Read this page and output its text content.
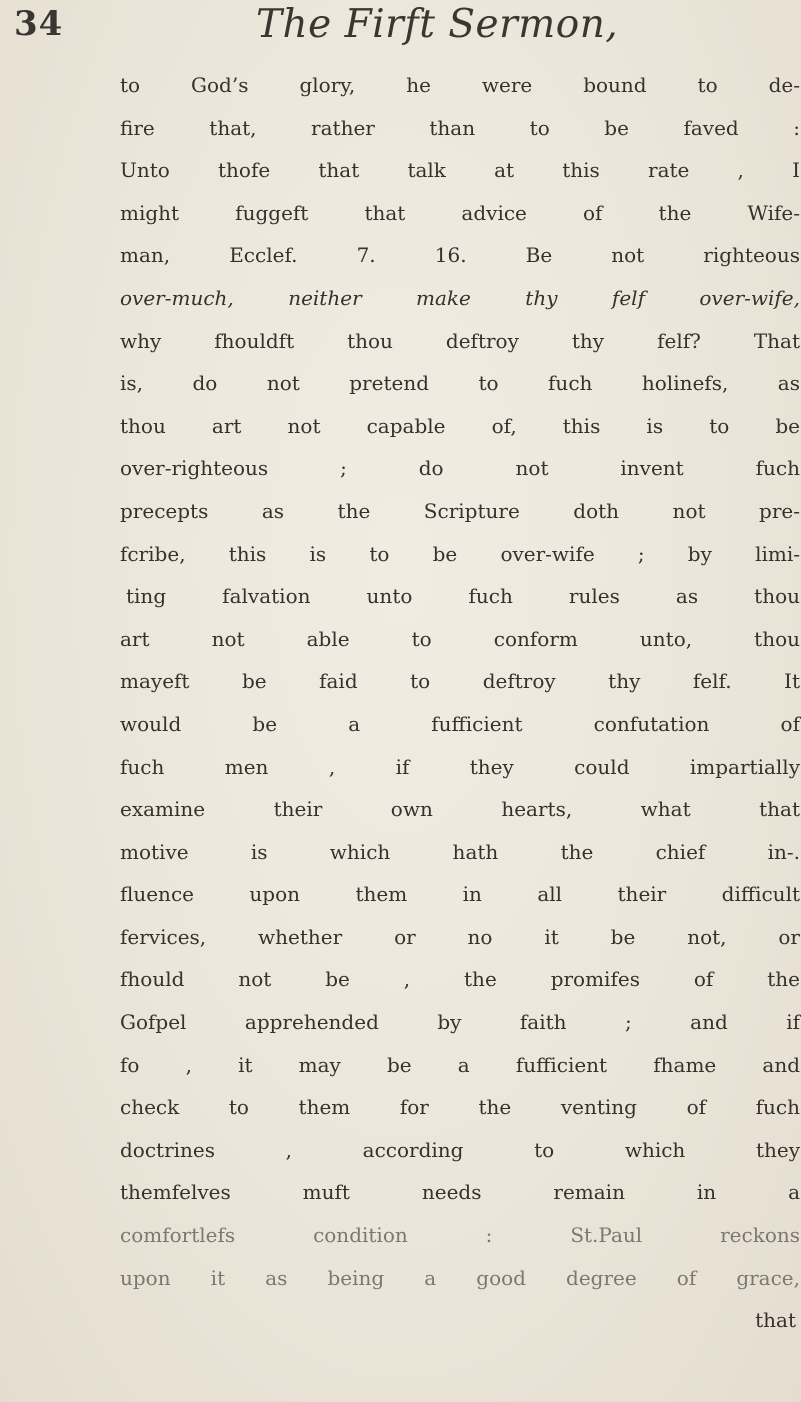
34	The Firft Sermon,
to God’s glory, he were bound to de-
fire that, rather than to be faved :
Unto thofe that talk at this rate , I
might fuggeft that advice of the Wife-
man, Ecclef. 7. 16. Be not righteous
over-much, neither make thy felf over-wife,
why fhouldft thou deftroy thy felf? That
is, do not pretend to fuch holinefs, as
thou art not capable of, this is to be
over-righteous ; do not invent fuch
precepts as the Scripture doth not pre-
fcribe, this is to be over-wife ; by limi-
ting falvation unto fuch rules as thou
art not able to conform unto, thou
mayeft be faid to deftroy thy felf. It
would be a fufficient confutation of
fuch men , if they could impartially
examine their own hearts, what that
motive is which hath the chief in-.
fluence upon them in all their difficult
fervices, whether or no it be not, or
fhould not be , the promifes of the
Gofpel apprehended by faith ; and if
fo , it may be a fufficient fhame and
check to them for the venting of fuch
doctrines , according to which they
themfelves muft needs remain in a
comfortlefs condition : St.Paul reckons
upon it as being a good degree of grace,
that
